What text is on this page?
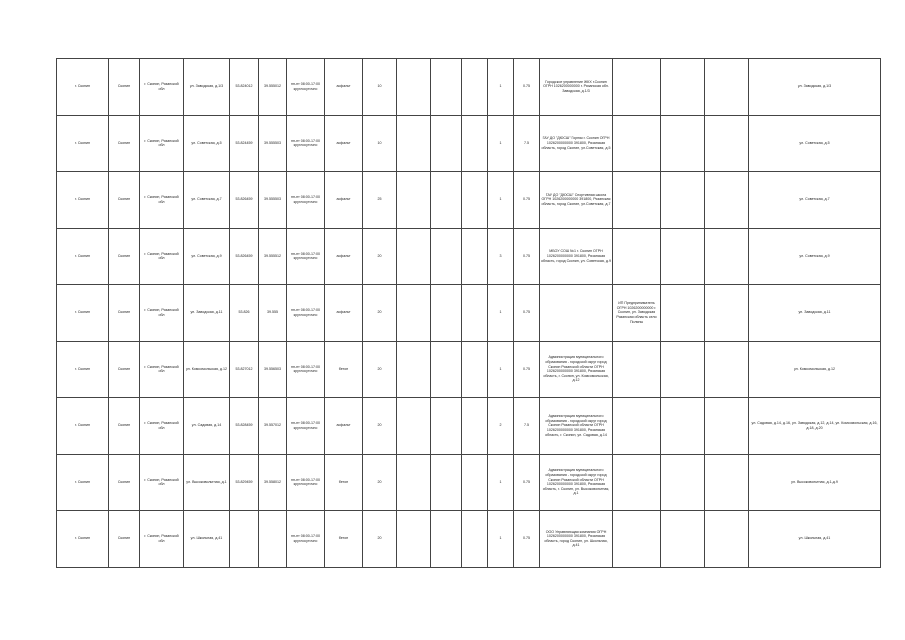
г. Скопин	Скопин	г. Скопин, Рязанской обл	ул. Заводская, д.1/3	53.824012	39.555012	пн-пт 08:00-17:00 круглосуточно	асфальт	10				1	0.75	Городское управление ЖКХ г.Скопин ОГРН 1026200000000 г. Рязанская обл. Заводская, д.1/3				ул. Заводская, д.1/3
г. Скопин	Скопин	г. Скопин, Рязанской обл	ул. Советская, д.5	53.824459	39.555503	пн-пт 08:00-17:00 круглосуточно	асфальт	10				1	7.5	ГАУ ДО "ДЮСШ" Горняк г. Скопин ОГРН 1026200000000 391800, Рязанская область, город Скопин, ул.Советская, д.5				ул. Советская, д.5
г. Скопин	Скопин	г. Скопин, Рязанской обл	ул. Советская, д.7	53.826459	39.555503	пн-пт 08:00-17:00 круглосуточно	асфальт	25				1	0.75	ГАУ ДО "ДЮСШ" Спортивная школа ОГРН 1026200000000 391800, Рязанская область, город Скопин, ул.Советская, д.7				ул. Советская, д.7
г. Скопин	Скопин	г. Скопин, Рязанской обл	ул. Советская, д.9	53.826459	39.555512	пн-пт 08:00-17:00 круглосуточно	асфальт	20				3	0.75	МБОУ СОШ №1 г. Скопин ОГРН 1026200000000 391800, Рязанская область, город Скопин, ул. Советская, д.9				ул. Советская, д.9
г. Скопин	Скопин	г. Скопин, Рязанской обл	ул. Заводская, д.11	53.826	39.555	пн-пт 08:00-17:00 круглосуточно	асфальт	20				1	0.75		ИП Предприниматель ОГРН 1026200000000 г. Скопин, ул. Заводская Рязанская область село Поляны			ул. Заводская, д.11
г. Скопин	Скопин	г. Скопин, Рязанской обл	ул. Комсомольская, д.12	53.827012	39.556503	пн-пт 08:00-17:00 круглосуточно	бетон	20				1	0.75	Администрация муниципального образования - городской округ город Скопин Рязанской области ОГРН 1026200000000 391800, Рязанская область, г. Скопин, ул. Комсомольская, д.12				ул. Комсомольская, д.12
г. Скопин	Скопин	г. Скопин, Рязанской обл	ул. Садовая, д.14	53.828459	39.557012	пн-пт 08:00-17:00 круглосуточно	асфальт	20				2	7.5	Администрация муниципального образования - городской округ город Скопин Рязанской области ОГРН 1026200000000 391800, Рязанская область, г. Скопин, ул. Садовая, д.14				ул. Садовая, д.14, д.16, ул. Заводская, д.12, д.14, ул. Комсомольская, д.16, д.18, д.20
г. Скопин	Скопин	г. Скопин, Рязанской обл	ул. Высоковольтная, д.1	53.829459	39.558012	пн-пт 08:00-17:00 круглосуточно	бетон	20				1	0.75	Администрация муниципального образования - городской округ город Скопин Рязанской области ОГРН 1026200000000 391800, Рязанская область, г. Скопин, ул. Высоковольтная, д.1				ул. Высоковольтная, д.1-д.9
г. Скопин	Скопин	г. Скопин, Рязанской обл	ул. Школьная, д.41			пн-пт 08:00-17:00 круглосуточно	бетон	20				1	0.75	ООО Управляющая компания ОГРН 1026200000000 391800, Рязанская область, город Скопин, ул. Школьная, д.41				ул. Школьная, д.41
